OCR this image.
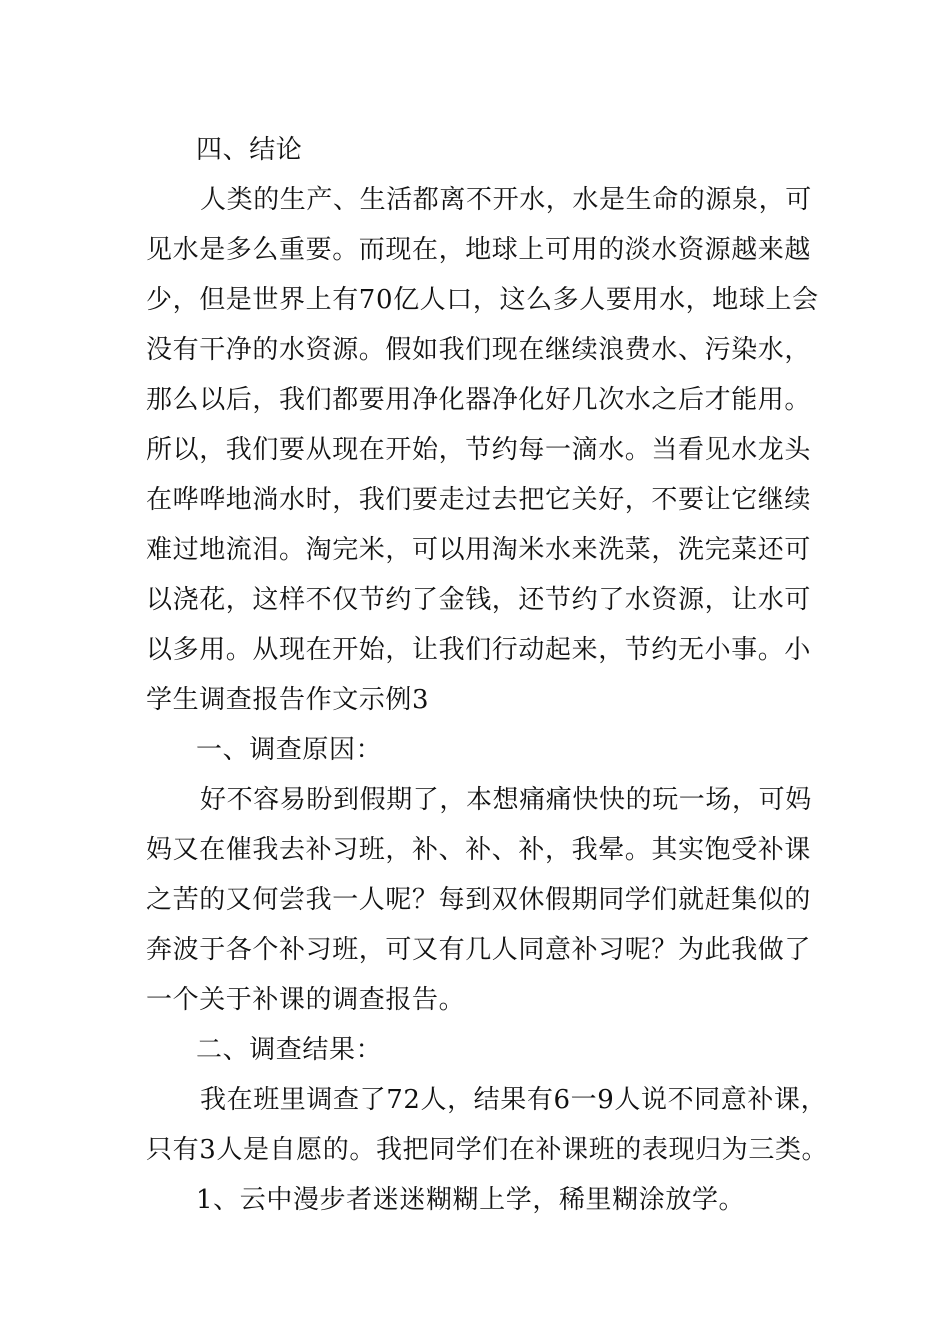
四、结论

人类的生产、生活都离不开水，水是生命的源泉，可

见水是多么重要。而现在，地球上可用的淡水资源越来越

少，但是世界上有70亿人口，这么多人要用水，地球上会

没有干净的水资源。假如我们现在继续浪费水、污染水，

那么以后，我们都要用净化器净化好几次水之后才能用。

所以，我们要从现在开始，节约每一滴水。当看见水龙头

在哗哗地淌水时，我们要走过去把它关好，不要让它继续

难过地流泪。淘完米，可以用淘米水来洗菜，洗完菜还可

以浇花，这样不仅节约了金钱，还节约了水资源，让水可

以多用。从现在开始，让我们行动起来，节约无小事。小

学生调查报告作文示例3

一、调查原因：

好不容易盼到假期了，本想痛痛快快的玩一场，可妈

妈又在催我去补习班，补、补、补，我晕。其实饱受补课

之苦的又何尝我一人呢？每到双休假期同学们就赶集似的

奔波于各个补习班，可又有几人同意补习呢？为此我做了

一个关于补课的调查报告。

二、调查结果：

我在班里调查了72人，结果有6一9人说不同意补课，

只有3人是自愿的。我把同学们在补课班的表现归为三类。

1、云中漫步者迷迷糊糊上学，稀里糊涂放学。
